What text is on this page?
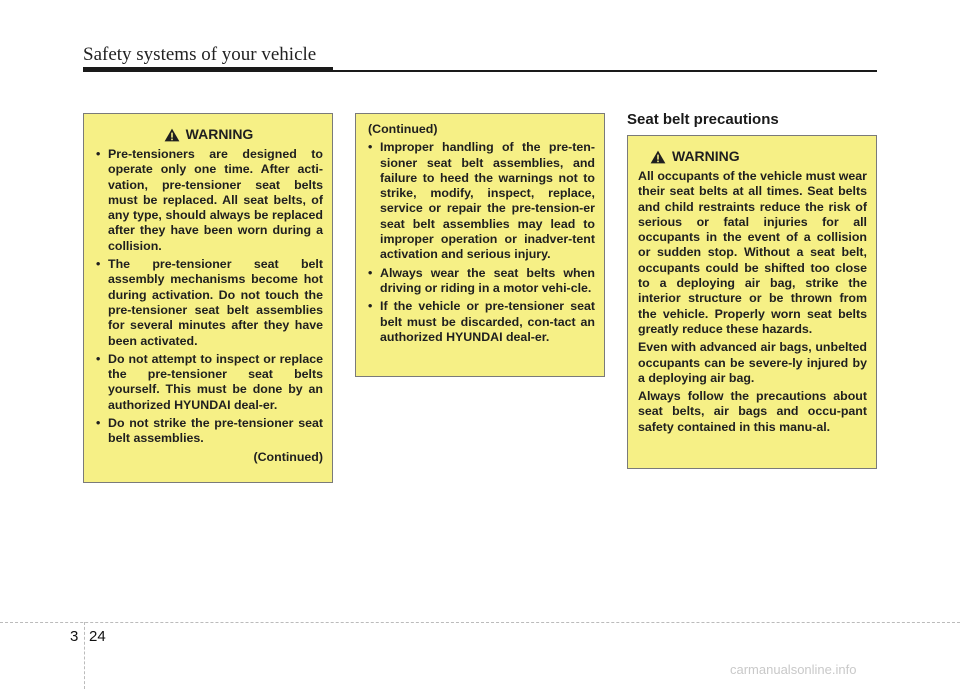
Safety systems of your vehicle
WARNING
• Pre-tensioners are designed to operate only one time. After acti-vation, pre-tensioner seat belts must be replaced. All seat belts, of any type, should always be replaced after they have been worn during a collision.
• The pre-tensioner seat belt assembly mechanisms become hot during activation. Do not touch the pre-tensioner seat belt assemblies for several minutes after they have been activated.
• Do not attempt to inspect or replace the pre-tensioner seat belts yourself. This must be done by an authorized HYUNDAI deal-er.
• Do not strike the pre-tensioner seat belt assemblies.
(Continued)
(Continued)
• Improper handling of the pre-ten-sioner seat belt assemblies, and failure to heed the warnings not to strike, modify, inspect, replace, service or repair the pre-tension-er seat belt assemblies may lead to improper operation or inadver-tent activation and serious injury.
• Always wear the seat belts when driving or riding in a motor vehi-cle.
• If the vehicle or pre-tensioner seat belt must be discarded, con-tact an authorized HYUNDAI deal-er.
Seat belt precautions
WARNING

All occupants of the vehicle must wear their seat belts at all times. Seat belts and child restraints reduce the risk of serious or fatal injuries for all occupants in the event of a collision or sudden stop. Without a seat belt, occupants could be shifted too close to a deploying air bag, strike the interior structure or be thrown from the vehicle. Properly worn seat belts greatly reduce these hazards.

Even with advanced air bags, unbelted occupants can be severe-ly injured by a deploying air bag.

Always follow the precautions about seat belts, air bags and occu-pant safety contained in this manu-al.

3 24
carmanualsonline.info
